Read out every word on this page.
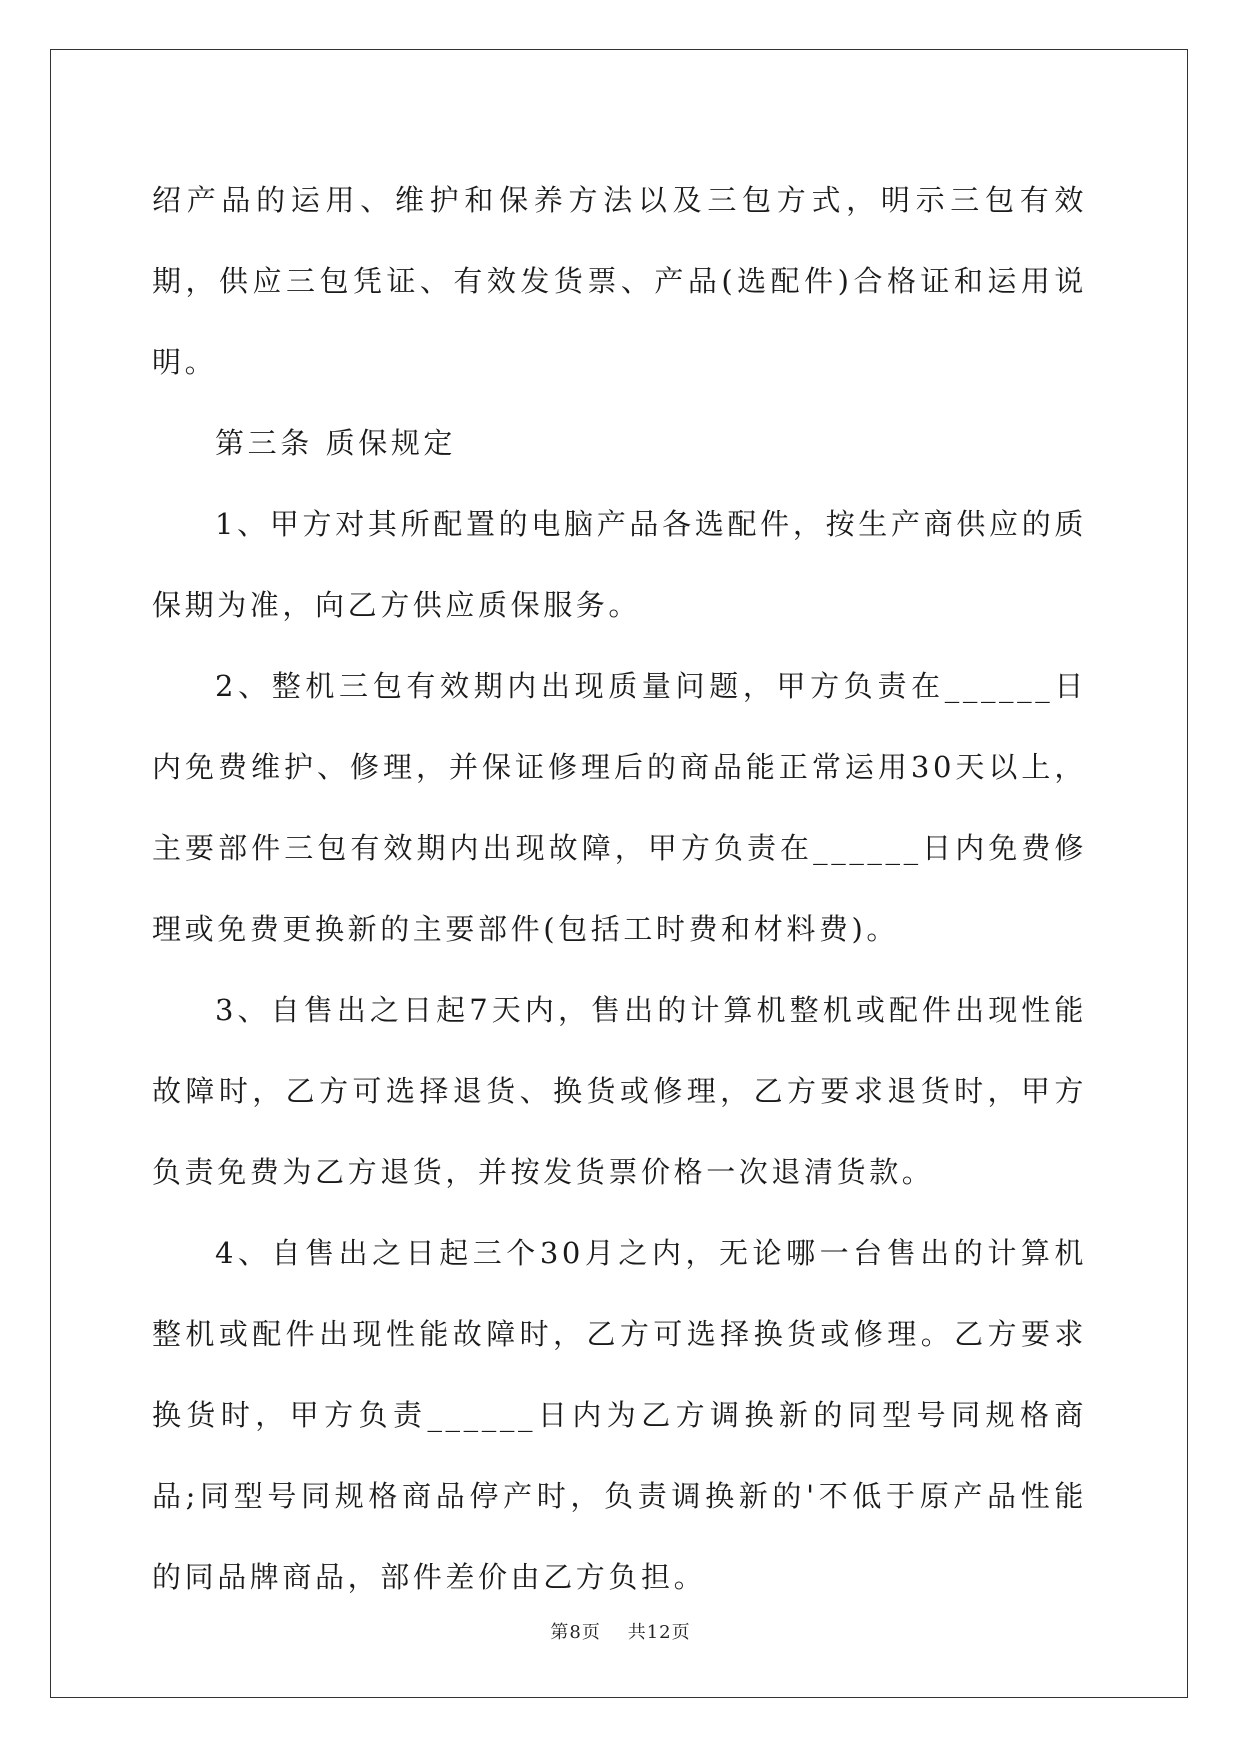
绍产品的运用、维护和保养方法以及三包方式，明示三包有效期，供应三包凭证、有效发货票、产品(选配件)合格证和运用说明。

第三条 质保规定

1、甲方对其所配置的电脑产品各选配件，按生产商供应的质保期为准，向乙方供应质保服务。

2、整机三包有效期内出现质量问题，甲方负责在______日内免费维护、修理，并保证修理后的商品能正常运用30天以上，主要部件三包有效期内出现故障，甲方负责在______日内免费修理或免费更换新的主要部件(包括工时费和材料费)。

3、自售出之日起7天内，售出的计算机整机或配件出现性能故障时，乙方可选择退货、换货或修理，乙方要求退货时，甲方负责免费为乙方退货，并按发货票价格一次退清货款。

4、自售出之日起三个30月之内，无论哪一台售出的计算机整机或配件出现性能故障时，乙方可选择换货或修理。乙方要求换货时，甲方负责______日内为乙方调换新的同型号同规格商品;同型号同规格商品停产时，负责调换新的'不低于原产品性能的同品牌商品，部件差价由乙方负担。

第8页 共12页
